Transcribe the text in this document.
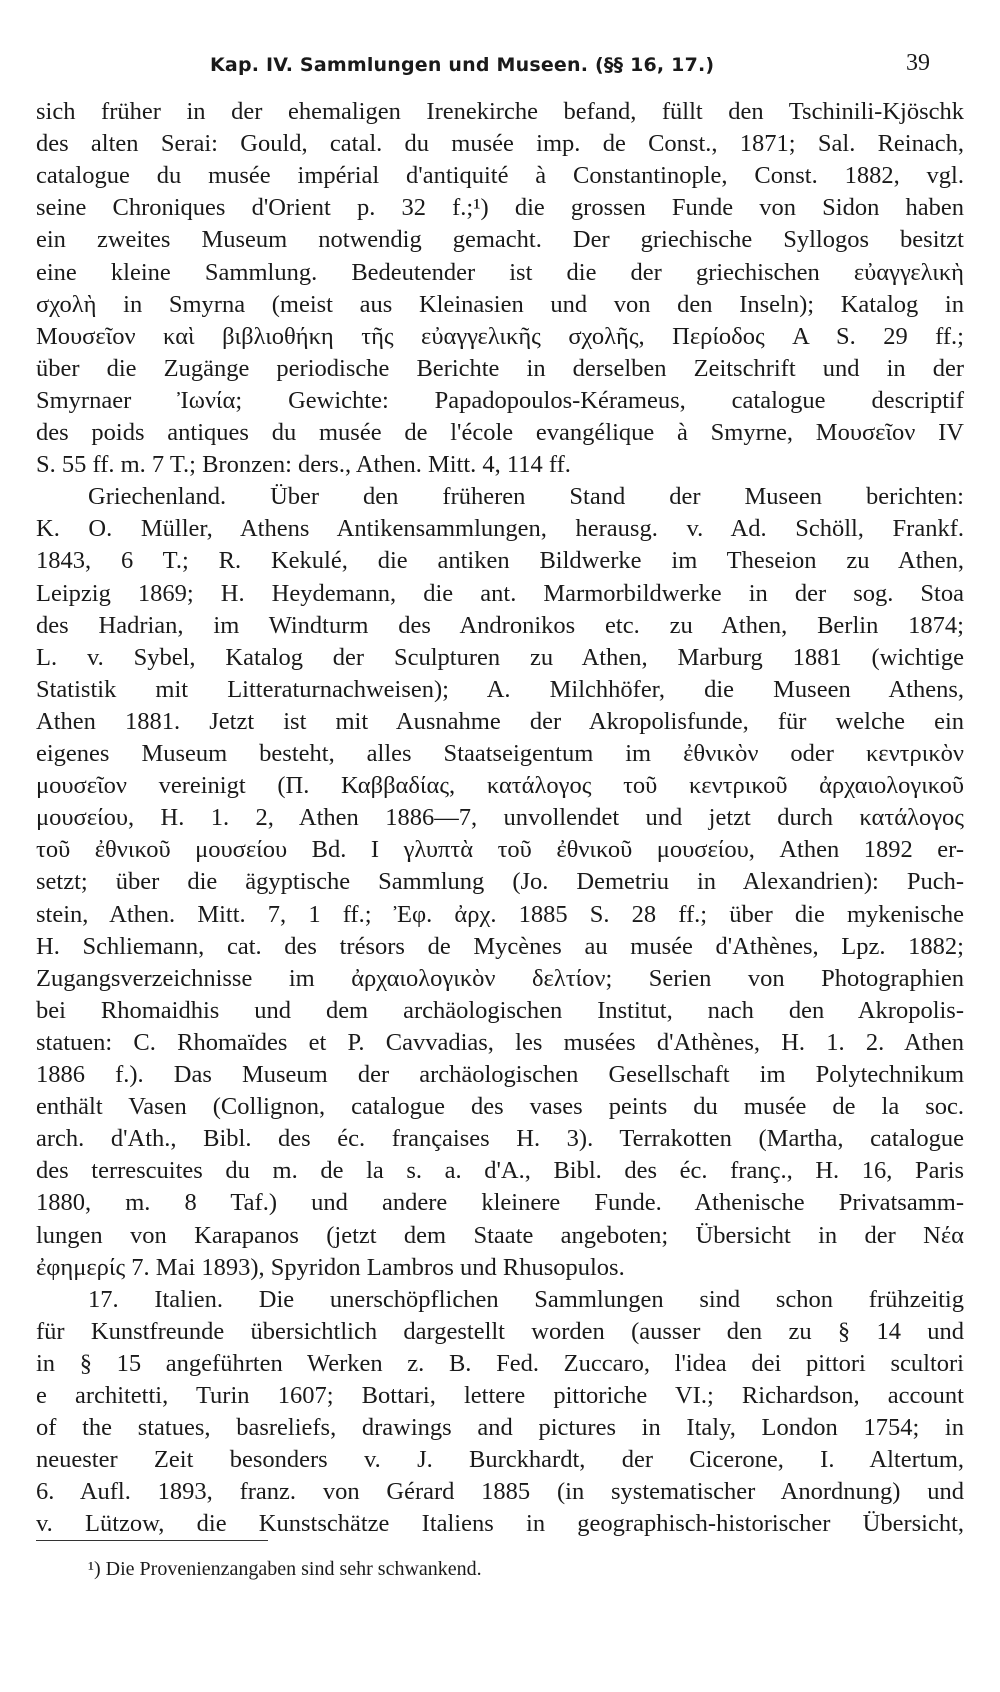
Kap. IV. Sammlungen und Museen. (§§ 16, 17.)	39
sich früher in der ehemaligen Irenekirche befand, füllt den Tschinili-Kjöschk
des alten Serai: Gould, catal. du musée imp. de Const., 1871; Sal. Reinach,
catalogue du musée impérial d'antiquité à Constantinople, Const. 1882, vgl.
seine Chroniques d'Orient p. 32 f.;¹) die grossen Funde von Sidon haben
ein zweites Museum notwendig gemacht. Der griechische Syllogos besitzt
eine kleine Sammlung. Bedeutender ist die der griechischen εὐαγγελικὴ
σχολὴ in Smyrna (meist aus Kleinasien und von den Inseln); Katalog in
Μουσεῖον καὶ βιβλιοθήκη τῆς εὐαγγελικῆς σχολῆς, Περίοδος A S. 29 ff.;
über die Zugänge periodische Berichte in derselben Zeitschrift und in der
Smyrnaer Ἰωνία; Gewichte: Papadopoulos-Kérameus, catalogue descriptif
des poids antiques du musée de l'école evangélique à Smyrne, Μουσεῖον IV
S. 55 ff. m. 7 T.; Bronzen: ders., Athen. Mitt. 4, 114 ff.
Griechenland. Über den früheren Stand der Museen berichten:
K. O. Müller, Athens Antikensammlungen, herausg. v. Ad. Schöll, Frankf.
1843, 6 T.; R. Kekulé, die antiken Bildwerke im Theseion zu Athen,
Leipzig 1869; H. Heydemann, die ant. Marmorbildwerke in der sog. Stoa
des Hadrian, im Windturm des Andronikos etc. zu Athen, Berlin 1874;
L. v. Sybel, Katalog der Sculpturen zu Athen, Marburg 1881 (wichtige
Statistik mit Litteraturnachweisen); A. Milchhöfer, die Museen Athens,
Athen 1881. Jetzt ist mit Ausnahme der Akropolisfunde, für welche ein
eigenes Museum besteht, alles Staatseigentum im ἐθνικὸν oder κεντρικὸν
μουσεῖον vereinigt (Π. Καββαδίας, κατάλογος τοῦ κεντρικοῦ ἀρχαιολογικοῦ
μουσείου, H. 1. 2, Athen 1886—7, unvollendet und jetzt durch κατάλογος
τοῦ ἐθνικοῦ μουσείου Bd. I γλυπτὰ τοῦ ἐθνικοῦ μουσείου, Athen 1892 er-
setzt; über die ägyptische Sammlung (Jo. Demetriu in Alexandrien): Puch-
stein, Athen. Mitt. 7, 1 ff.; Ἐφ. ἀρχ. 1885 S. 28 ff.; über die mykenische
H. Schliemann, cat. des trésors de Mycènes au musée d'Athènes, Lpz. 1882;
Zugangsverzeichnisse im ἀρχαιολογικὸν δελτίον; Serien von Photographien
bei Rhomaidhis und dem archäologischen Institut, nach den Akropolis-
statuen: C. Rhomaïdes et P. Cavvadias, les musées d'Athènes, H. 1. 2. Athen
1886 f.). Das Museum der archäologischen Gesellschaft im Polytechnikum
enthält Vasen (Collignon, catalogue des vases peints du musée de la soc.
arch. d'Ath., Bibl. des éc. françaises H. 3). Terrakotten (Martha, catalogue
des terrescuites du m. de la s. a. d'A., Bibl. des éc. franç., H. 16, Paris
1880, m. 8 Taf.) und andere kleinere Funde. Athenische Privatsamm-
lungen von Karapanos (jetzt dem Staate angeboten; Übersicht in der Νέα
ἐφημερίς 7. Mai 1893), Spyridon Lambros und Rhusopulos.
17. Italien. Die unerschöpflichen Sammlungen sind schon frühzeitig
für Kunstfreunde übersichtlich dargestellt worden (ausser den zu § 14 und
in § 15 angeführten Werken z. B. Fed. Zuccaro, l'idea dei pittori scultori
e architetti, Turin 1607; Bottari, lettere pittoriche VI.; Richardson, account
of the statues, basreliefs, drawings and pictures in Italy, London 1754; in
neuester Zeit besonders v. J. Burckhardt, der Cicerone, I. Altertum,
6. Aufl. 1893, franz. von Gérard 1885 (in systematischer Anordnung) und
v. Lützow, die Kunstschätze Italiens in geographisch-historischer Übersicht,
¹) Die Provenienzangaben sind sehr schwankend.
